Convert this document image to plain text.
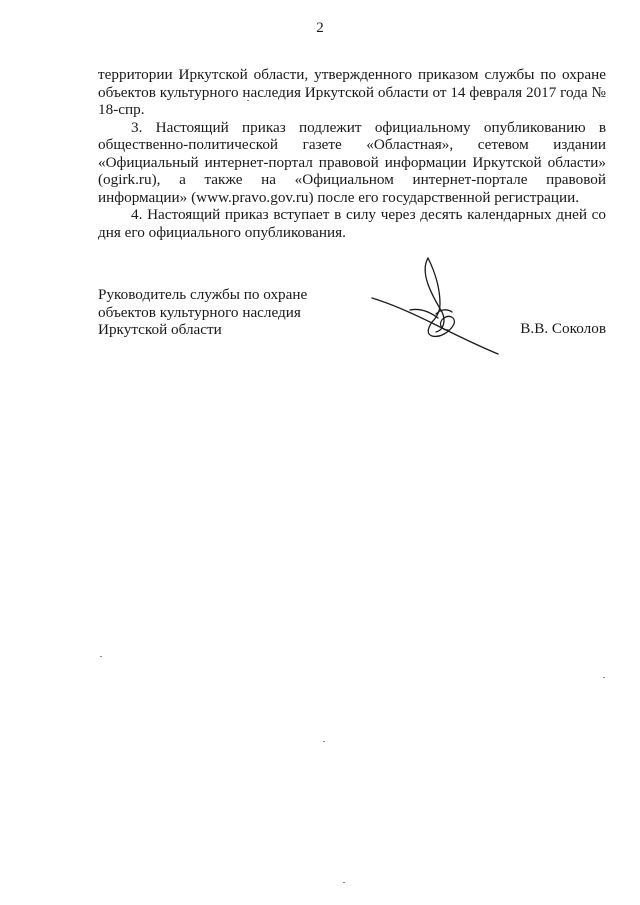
2

территории Иркутской области, утвержденного приказом службы по охране объектов культурного наследия Иркутской области от 14 февраля 2017 года № 18-спр.

3. Настоящий приказ подлежит официальному опубликованию в общественно-политической газете «Областная», сетевом издании «Официальный интернет-портал правовой информации Иркутской области» (ogirk.ru), а также на «Официальном интернет-портале правовой информации» (www.pravo.gov.ru) после его государственной регистрации.

4. Настоящий приказ вступает в силу через десять календарных дней со дня его официального опубликования.

Руководитель службы по охране
объектов культурного наследия
Иркутской области	В.В. Соколов
